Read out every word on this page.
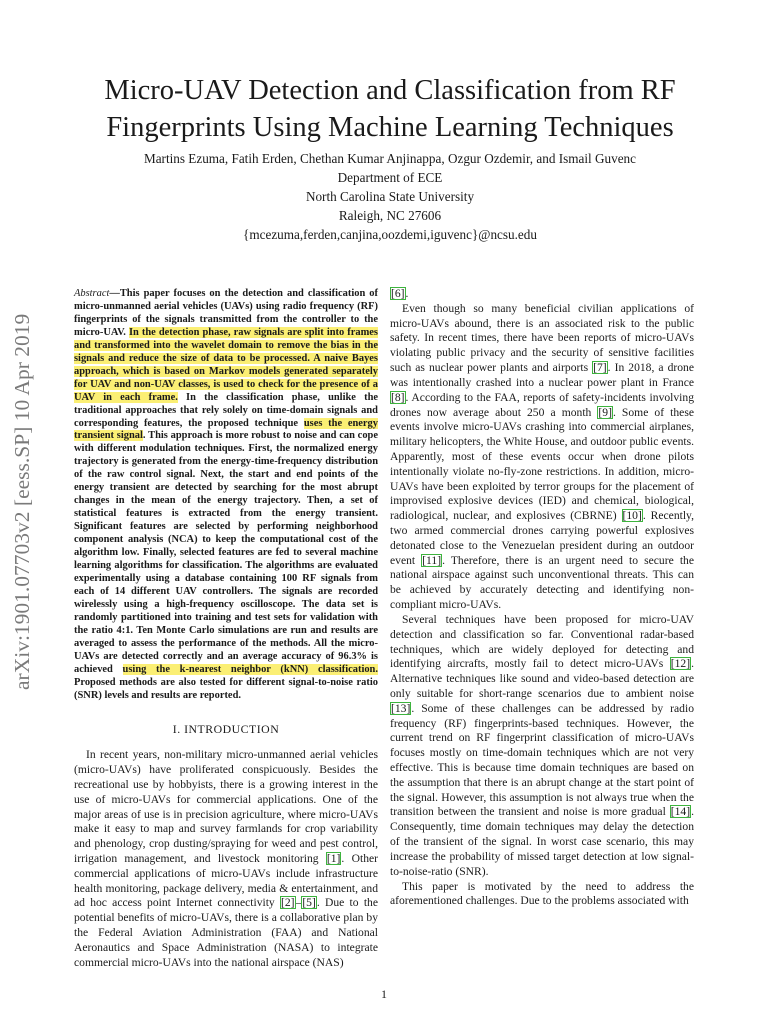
arXiv:1901.07703v2 [eess.SP] 10 Apr 2019
Micro-UAV Detection and Classification from RF Fingerprints Using Machine Learning Techniques
Martins Ezuma, Fatih Erden, Chethan Kumar Anjinappa, Ozgur Ozdemir, and Ismail Guvenc
Department of ECE
North Carolina State University
Raleigh, NC 27606
{mcezuma,ferden,canjina,oozdemi,iguvenc}@ncsu.edu

Abstract—This paper focuses on the detection and classification of micro-unmanned aerial vehicles (UAVs) using radio frequency (RF) fingerprints of the signals transmitted from the controller to the micro-UAV. In the detection phase, raw signals are split into frames and transformed into the wavelet domain to remove the bias in the signals and reduce the size of data to be processed. A naive Bayes approach, which is based on Markov models generated separately for UAV and non-UAV classes, is used to check for the presence of a UAV in each frame. In the classification phase, unlike the traditional approaches that rely solely on time-domain signals and corresponding features, the proposed technique uses the energy transient signal. This approach is more robust to noise and can cope with different modulation techniques. First, the normalized energy trajectory is generated from the energy-time-frequency distribution of the raw control signal. Next, the start and end points of the energy transient are detected by searching for the most abrupt changes in the mean of the energy trajectory. Then, a set of statistical features is extracted from the energy transient. Significant features are selected by performing neighborhood component analysis (NCA) to keep the computational cost of the algorithm low. Finally, selected features are fed to several machine learning algorithms for classification. The algorithms are evaluated experimentally using a database containing 100 RF signals from each of 14 different UAV controllers. The signals are recorded wirelessly using a high-frequency oscilloscope. The data set is randomly partitioned into training and test sets for validation with the ratio 4:1. Ten Monte Carlo simulations are run and results are averaged to assess the performance of the methods. All the micro-UAVs are detected correctly and an average accuracy of 96.3% is achieved using the k-nearest neighbor (kNN) classification. Proposed methods are also tested for different signal-to-noise ratio (SNR) levels and results are reported.

I. INTRODUCTION

In recent years, non-military micro-unmanned aerial vehicles (micro-UAVs) have proliferated conspicuously. Besides the recreational use by hobbyists, there is a growing interest in the use of micro-UAVs for commercial applications. One of the major areas of use is in precision agriculture, where micro-UAVs make it easy to map and survey farmlands for crop variability and phenology, crop dusting/spraying for weed and pest control, irrigation management, and livestock monitoring [1]. Other commercial applications of micro-UAVs include infrastructure health monitoring, package delivery, media & entertainment, and ad hoc access point Internet connectivity [2]–[5]. Due to the potential benefits of micro-UAVs, there is a collaborative plan by the Federal Aviation Administration (FAA) and National Aeronautics and Space Administration (NASA) to integrate commercial micro-UAVs into the national airspace (NAS)

[6].

Even though so many beneficial civilian applications of micro-UAVs abound, there is an associated risk to the public safety. In recent times, there have been reports of micro-UAVs violating public privacy and the security of sensitive facilities such as nuclear power plants and airports [7]. In 2018, a drone was intentionally crashed into a nuclear power plant in France [8]. According to the FAA, reports of safety-incidents involving drones now average about 250 a month [9]. Some of these events involve micro-UAVs crashing into commercial airplanes, military helicopters, the White House, and outdoor public events. Apparently, most of these events occur when drone pilots intentionally violate no-fly-zone restrictions. In addition, micro-UAVs have been exploited by terror groups for the placement of improvised explosive devices (IED) and chemical, biological, radiological, nuclear, and explosives (CBRNE) [10]. Recently, two armed commercial drones carrying powerful explosives detonated close to the Venezuelan president during an outdoor event [11]. Therefore, there is an urgent need to secure the national airspace against such unconventional threats. This can be achieved by accurately detecting and identifying non-compliant micro-UAVs.

Several techniques have been proposed for micro-UAV detection and classification so far. Conventional radar-based techniques, which are widely deployed for detecting and identifying aircrafts, mostly fail to detect micro-UAVs [12]. Alternative techniques like sound and video-based detection are only suitable for short-range scenarios due to ambient noise [13]. Some of these challenges can be addressed by radio frequency (RF) fingerprints-based techniques. However, the current trend on RF fingerprint classification of micro-UAVs focuses mostly on time-domain techniques which are not very effective. This is because time domain techniques are based on the assumption that there is an abrupt change at the start point of the signal. However, this assumption is not always true when the transition between the transient and noise is more gradual [14]. Consequently, time domain techniques may delay the detection of the transient of the signal. In worst case scenario, this may increase the probability of missed target detection at low signal-to-noise-ratio (SNR).

This paper is motivated by the need to address the aforementioned challenges. Due to the problems associated with

1
